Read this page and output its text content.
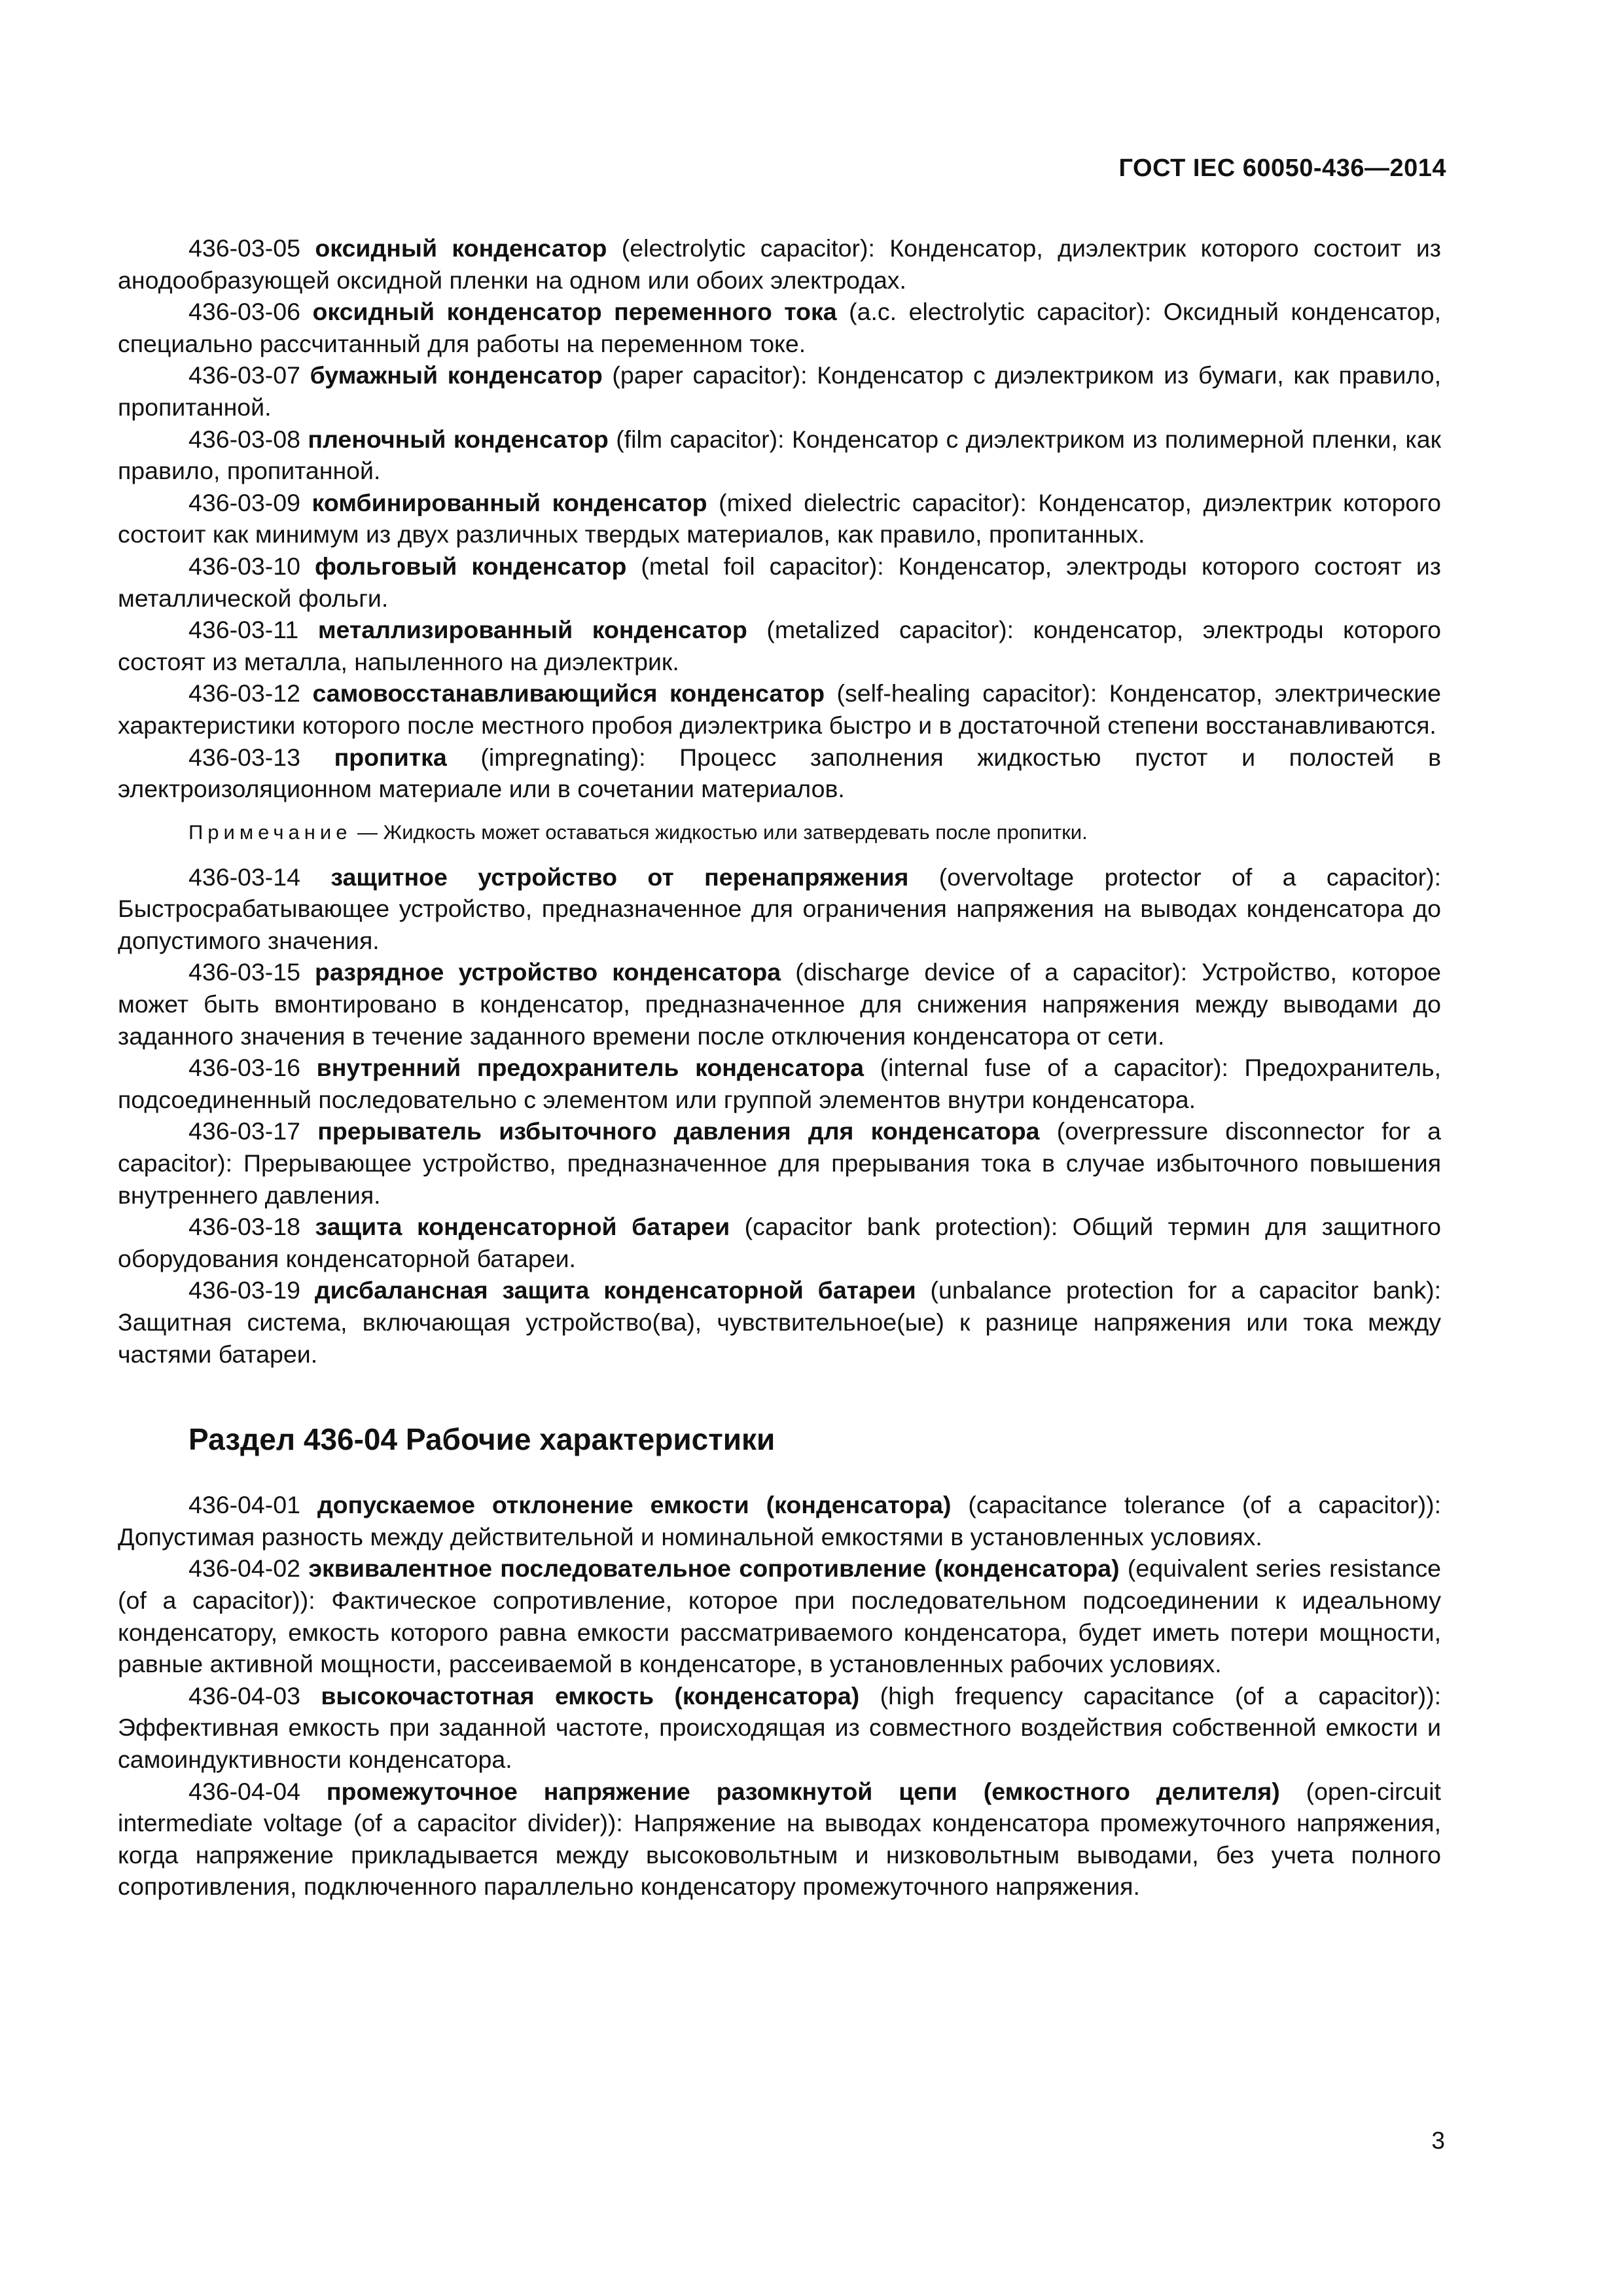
ГОСТ IEC 60050-436—2014

436-03-05 оксидный конденсатор (electrolytic capacitor): Конденсатор, диэлектрик которого состоит из анодообразующей оксидной пленки на одном или обоих электродах.

436-03-06 оксидный конденсатор переменного тока (a.c. electrolytic capacitor): Оксидный конденсатор, специально рассчитанный для работы на переменном токе.

436-03-07 бумажный конденсатор (paper capacitor): Конденсатор с диэлектриком из бумаги, как правило, пропитанной.

436-03-08 пленочный конденсатор (film capacitor): Конденсатор с диэлектриком из полимерной пленки, как правило, пропитанной.

436-03-09 комбинированный конденсатор (mixed dielectric capacitor): Конденсатор, диэлектрик которого состоит как минимум из двух различных твердых материалов, как правило, пропитанных.

436-03-10 фольговый конденсатор (metal foil capacitor): Конденсатор, электроды которого состоят из металлической фольги.

436-03-11 металлизированный конденсатор (metalized capacitor): конденсатор, электроды которого состоят из металла, напыленного на диэлектрик.

436-03-12 самовосстанавливающийся конденсатор (self-healing capacitor): Конденсатор, электрические характеристики которого после местного пробоя диэлектрика быстро и в достаточной степени восстанавливаются.

436-03-13 пропитка (impregnating): Процесс заполнения жидкостью пустот и полостей в электроизоляционном материале или в сочетании материалов.

Примечание — Жидкость может оставаться жидкостью или затвердевать после пропитки.

436-03-14 защитное устройство от перенапряжения (overvoltage protector of a capacitor): Быстросрабатывающее устройство, предназначенное для ограничения напряжения на выводах конденсатора до допустимого значения.

436-03-15 разрядное устройство конденсатора (discharge device of a capacitor): Устройство, которое может быть вмонтировано в конденсатор, предназначенное для снижения напряжения между выводами до заданного значения в течение заданного времени после отключения конденсатора от сети.

436-03-16 внутренний предохранитель конденсатора (internal fuse of a capacitor): Предохранитель, подсоединенный последовательно с элементом или группой элементов внутри конденсатора.

436-03-17 прерыватель избыточного давления для конденсатора (overpressure disconnector for a capacitor): Прерывающее устройство, предназначенное для прерывания тока в случае избыточного повышения внутреннего давления.

436-03-18 защита конденсаторной батареи (capacitor bank protection): Общий термин для защитного оборудования конденсаторной батареи.

436-03-19 дисбалансная защита конденсаторной батареи (unbalance protection for a capacitor bank): Защитная система, включающая устройство(ва), чувствительное(ые) к разнице напряжения или тока между частями батареи.

Раздел 436-04 Рабочие характеристики

436-04-01 допускаемое отклонение емкости (конденсатора) (capacitance tolerance (of a capacitor)): Допустимая разность между действительной и номинальной емкостями в установленных условиях.

436-04-02 эквивалентное последовательное сопротивление (конденсатора) (equivalent series resistance (of a capacitor)): Фактическое сопротивление, которое при последовательном подсоединении к идеальному конденсатору, емкость которого равна емкости рассматриваемого конденсатора, будет иметь потери мощности, равные активной мощности, рассеиваемой в конденсаторе, в установленных рабочих условиях.

436-04-03 высокочастотная емкость (конденсатора) (high frequency capacitance (of a capacitor)): Эффективная емкость при заданной частоте, происходящая из совместного воздействия собственной емкости и самоиндуктивности конденсатора.

436-04-04 промежуточное напряжение разомкнутой цепи (емкостного делителя) (open-circuit intermediate voltage (of a capacitor divider)): Напряжение на выводах конденсатора промежуточного напряжения, когда напряжение прикладывается между высоковольтным и низковольтным выводами, без учета полного сопротивления, подключенного параллельно конденсатору промежуточного напряжения.

3
